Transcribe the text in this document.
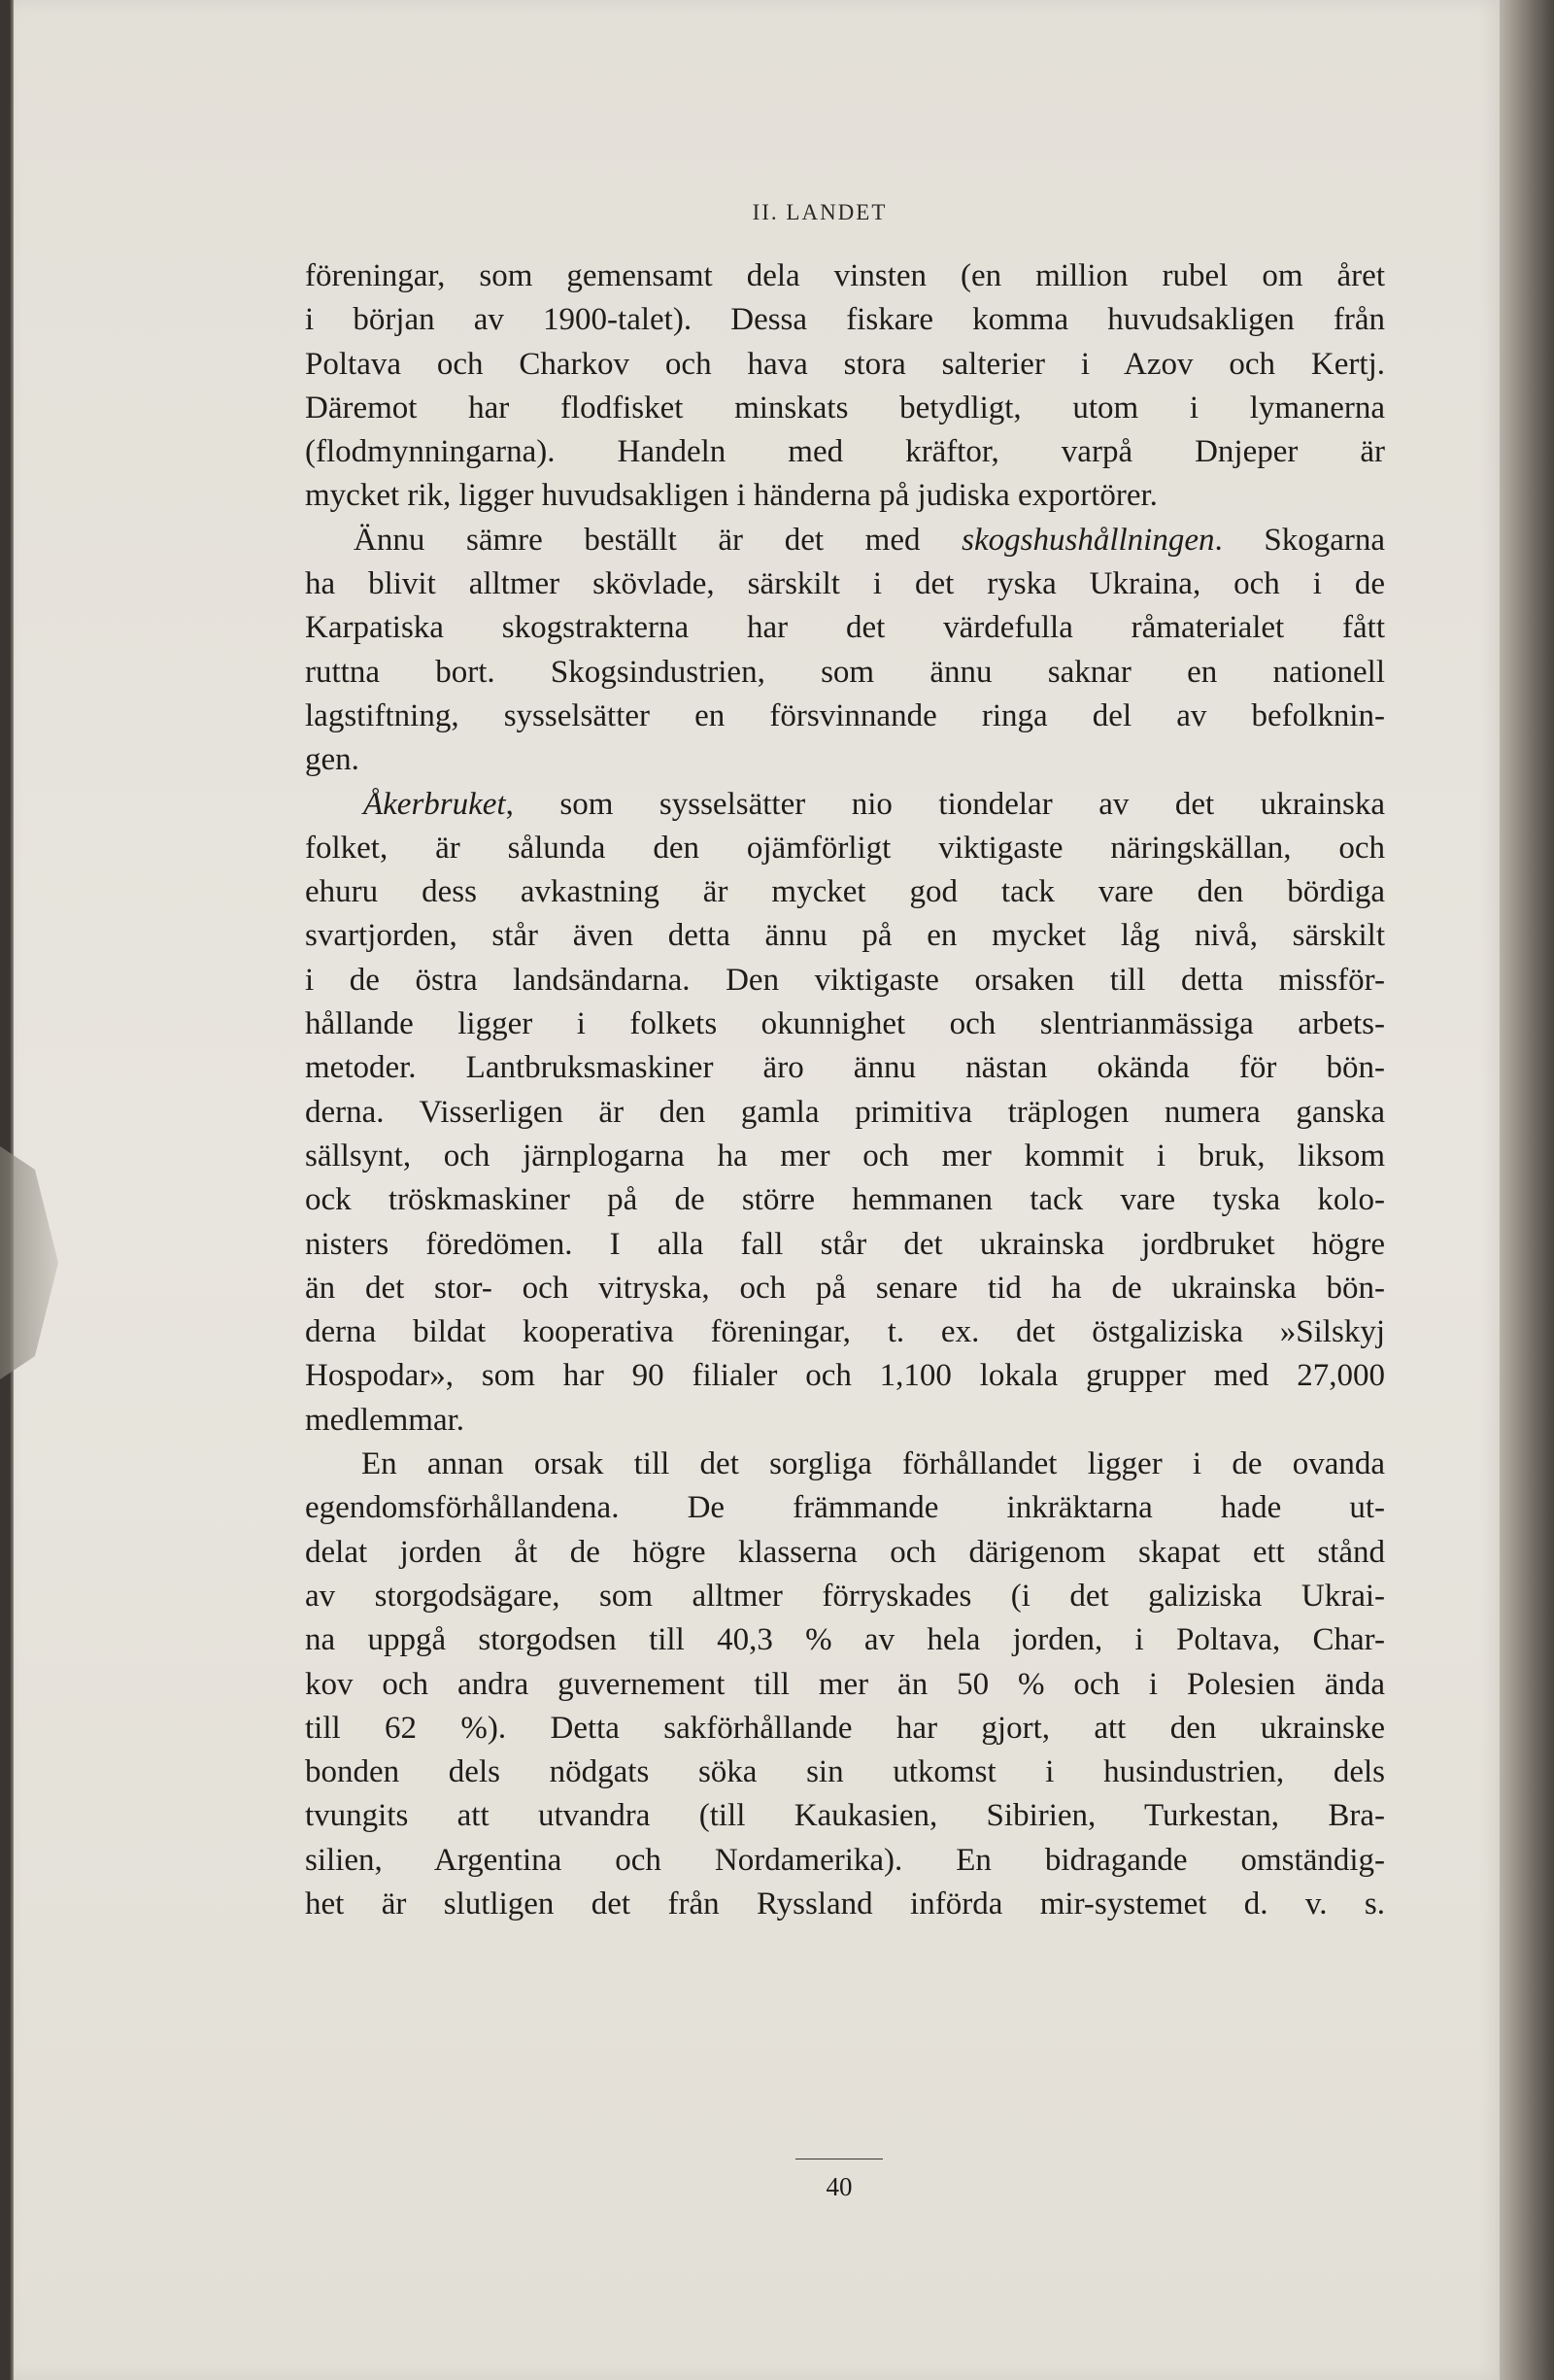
II. LANDET
föreningar, som gemensamt dela vinsten (en million rubel om året
i början av 1900-talet). Dessa fiskare komma huvudsakligen från
Poltava och Charkov och hava stora salterier i Azov och Kertj.
Däremot har flodfisket minskats betydligt, utom i lymanerna
(flodmynningarna). Handeln med kräftor, varpå Dnjeper är
mycket rik, ligger huvudsakligen i händerna på judiska exportörer.
Ännu sämre beställt är det med skogshushållningen. Skogarna
ha blivit alltmer skövlade, särskilt i det ryska Ukraina, och i de
Karpatiska skogstrakterna har det värdefulla råmaterialet fått
ruttna bort. Skogsindustrien, som ännu saknar en nationell
lagstiftning, sysselsätter en försvinnande ringa del av befolknin-
gen.
Åkerbruket, som sysselsätter nio tiondelar av det ukrainska
folket, är sålunda den ojämförligt viktigaste näringskällan, och
ehuru dess avkastning är mycket god tack vare den bördiga
svartjorden, står även detta ännu på en mycket låg nivå, särskilt
i de östra landsändarna. Den viktigaste orsaken till detta missför-
hållande ligger i folkets okunnighet och slentrianmässiga arbets-
metoder. Lantbruksmaskiner äro ännu nästan okända för bön-
derna. Visserligen är den gamla primitiva träplogen numera ganska
sällsynt, och järnplogarna ha mer och mer kommit i bruk, liksom
ock tröskmaskiner på de större hemmanen tack vare tyska kolo-
nisters föredömen. I alla fall står det ukrainska jordbruket högre
än det stor- och vitryska, och på senare tid ha de ukrainska bön-
derna bildat kooperativa föreningar, t. ex. det östgaliziska »Silskyj
Hospodar», som har 90 filialer och 1,100 lokala grupper med 27,000
medlemmar.
En annan orsak till det sorgliga förhållandet ligger i de ovanda
egendomsförhållandena. De främmande inkräktarna hade ut-
delat jorden åt de högre klasserna och därigenom skapat ett stånd
av storgodsägare, som alltmer förryskades (i det galiziska Ukrai-
na uppgå storgodsen till 40,3 % av hela jorden, i Poltava, Char-
kov och andra guvernement till mer än 50 % och i Polesien ända
till 62 %). Detta sakförhållande har gjort, att den ukrainske
bonden dels nödgats söka sin utkomst i husindustrien, dels
tvungits att utvandra (till Kaukasien, Sibirien, Turkestan, Bra-
silien, Argentina och Nordamerika). En bidragande omständig-
het är slutligen det från Ryssland införda mir-systemet d. v. s.
40
